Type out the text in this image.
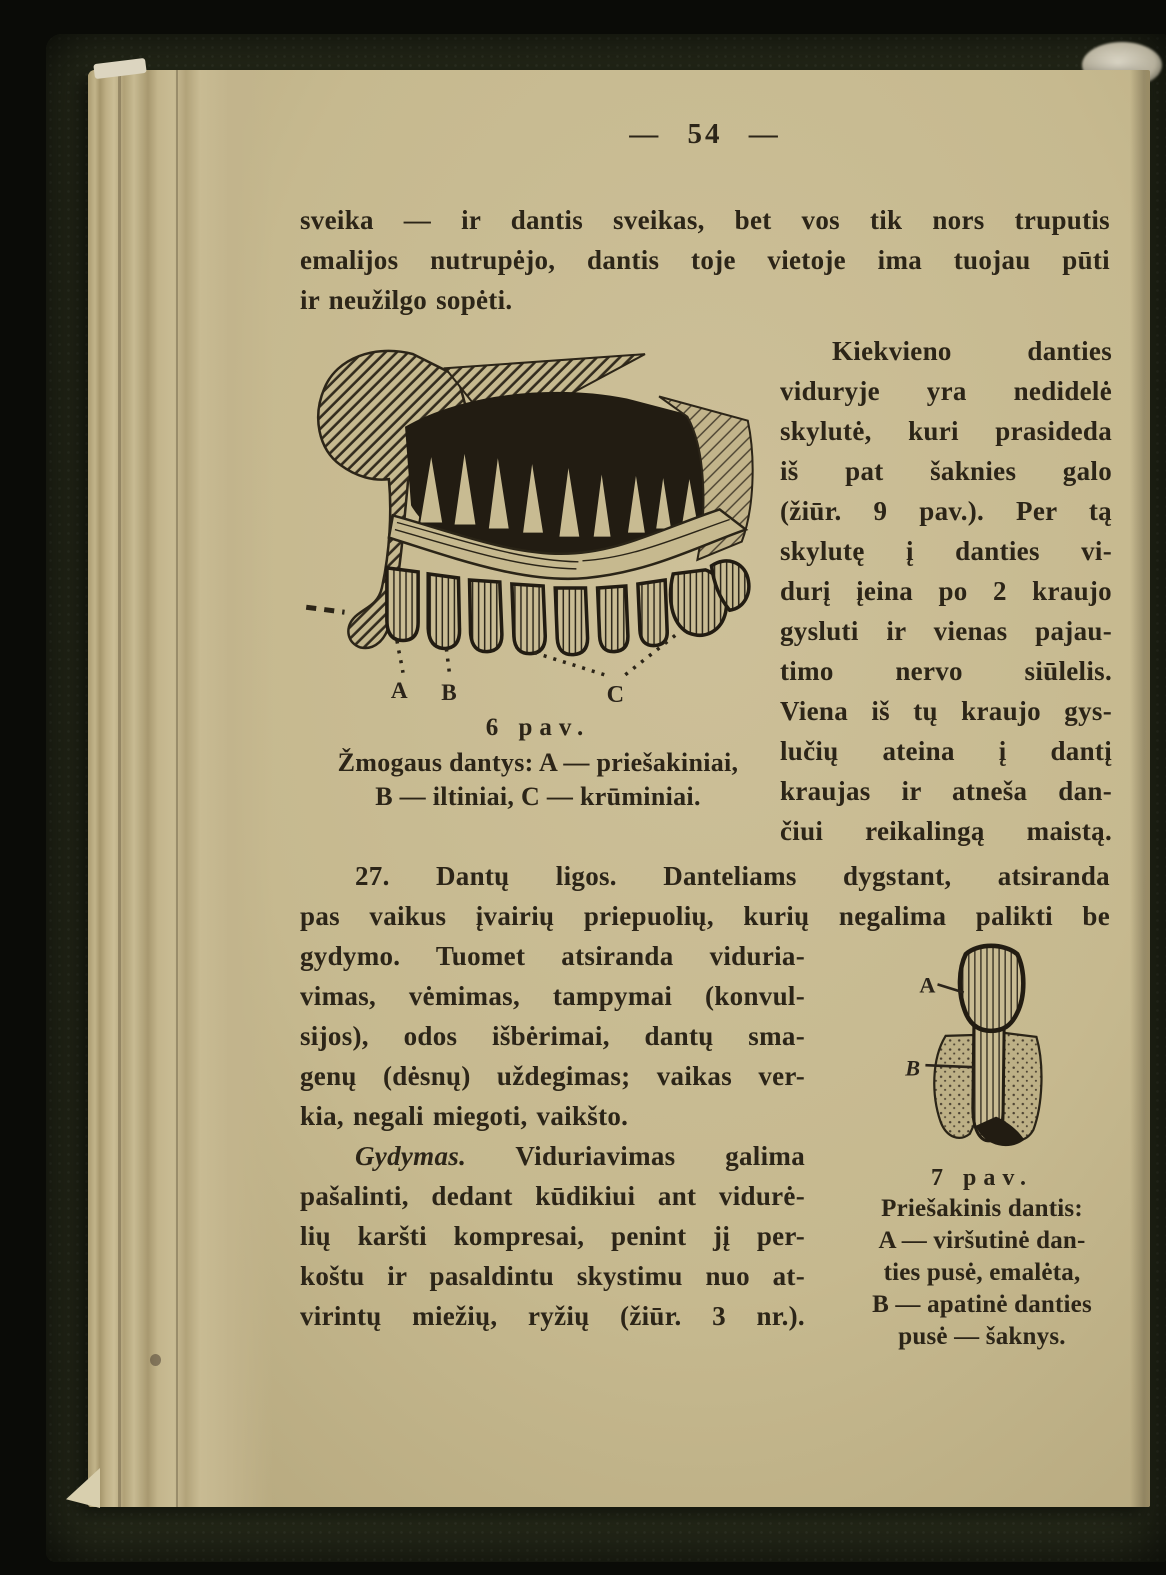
— 54 —
sveika — ir dantis sveikas, bet vos tik nors truputis
emalijos nutrupėjo, dantis toje vietoje ima tuojau pūti
ir neužilgo sopėti.
A B	C
6 pav.
Žmogaus dantys: A — priešakiniai,
B — iltiniai, C — krūminiai.
Kiekvieno danties
viduryje yra nedidelė
skylutė, kuri prasideda
iš pat šaknies galo
(žiūr. 9 pav.). Per tą
skylutę į danties vi-
durį įeina po 2 kraujo
gysluti ir vienas pajau-
timo nervo siūlelis.
Viena iš tų kraujo gys-
lučių ateina į dantį
kraujas ir atneša dan-
čiui reikalingą maistą.
27. Dantų ligos. Danteliams dygstant, atsiranda
pas vaikus įvairių priepuolių, kurių negalima palikti be
gydymo. Tuomet atsiranda viduria-
vimas, vėmimas, tampymai (konvul-
sijos), odos išbėrimai, dantų sma-
genų (dėsnų) uždegimas; vaikas ver-
kia, negali miegoti, vaikšto.
Gydymas. Viduriavimas galima
pašalinti, dedant kūdikiui ant vidurė-
lių karšti kompresai, penint jį per-
koštu ir pasaldintu skystimu nuo at-
virintų miežių, ryžių (žiūr. 3 nr.).
A
B
7 pav.
Priešakinis dantis:
A — viršutinė dan-
ties pusė, emalėta,
B — apatinė danties
pusė — šaknys.
